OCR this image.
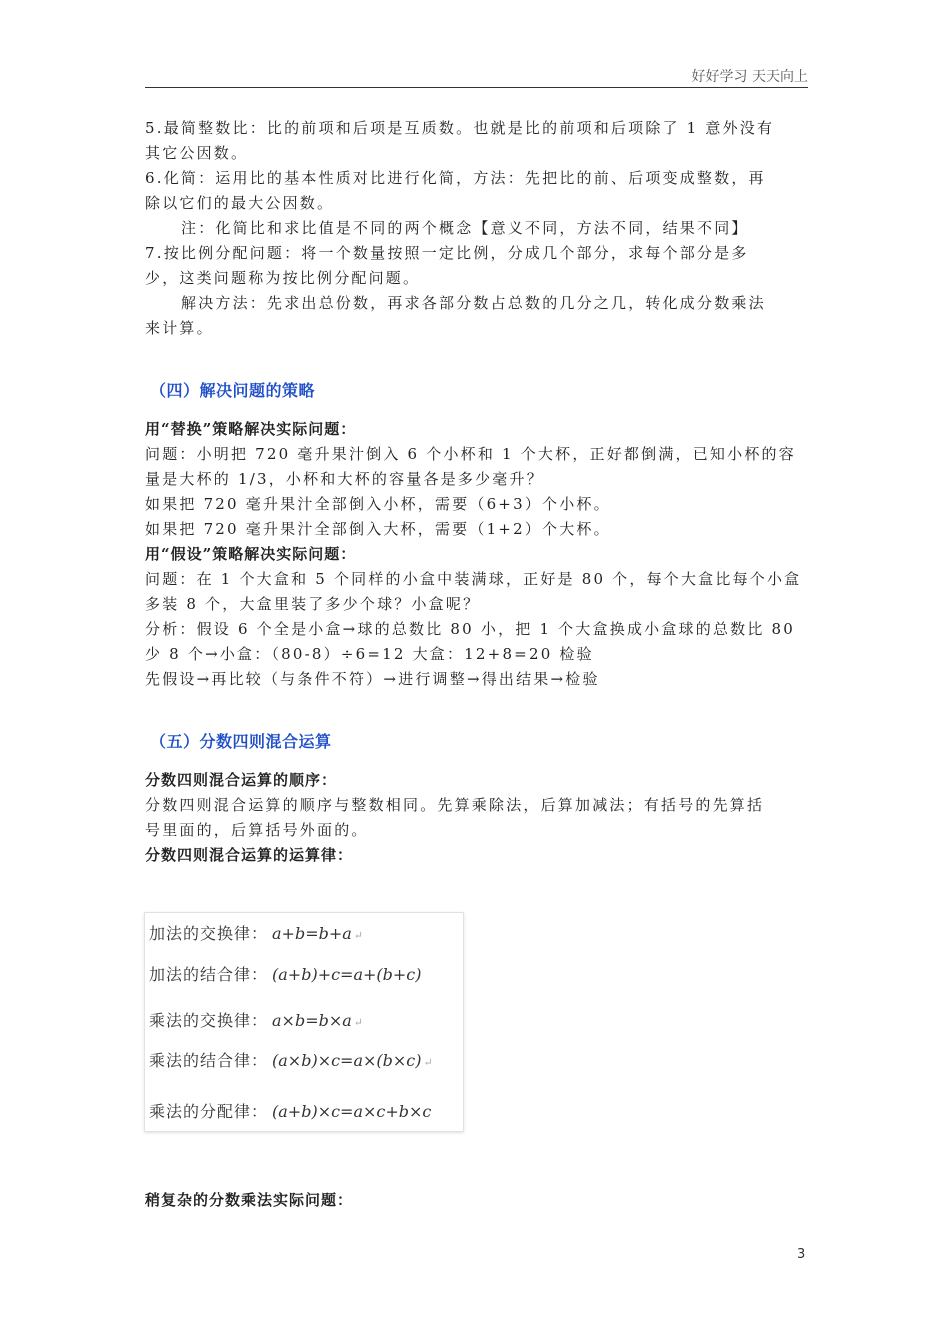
好好学习 天天向上
5.最简整数比：比的前项和后项是互质数。也就是比的前项和后项除了 1 意外没有
其它公因数。
6.化简：运用比的基本性质对比进行化简，方法：先把比的前、后项变成整数，再
除以它们的最大公因数。
注：化简比和求比值是不同的两个概念【意义不同，方法不同，结果不同】
7.按比例分配问题：将一个数量按照一定比例，分成几个部分，求每个部分是多
少，这类问题称为按比例分配问题。
解决方法：先求出总份数，再求各部分数占总数的几分之几，转化成分数乘法
来计算。
（四）解决问题的策略
用“替换”策略解决实际问题：
问题：小明把 720 毫升果汁倒入 6 个小杯和 1 个大杯，正好都倒满，已知小杯的容
量是大杯的 1/3，小杯和大杯的容量各是多少毫升？
如果把 720 毫升果汁全部倒入小杯，需要（6+3）个小杯。
如果把 720 毫升果汁全部倒入大杯，需要（1+2）个大杯。
用“假设”策略解决实际问题：
问题：在 1 个大盒和 5 个同样的小盒中装满球，正好是 80 个，每个大盒比每个小盒
多装 8 个，大盒里装了多少个球？小盒呢？
分析：假设 6 个全是小盒→球的总数比 80 小，把 1 个大盒换成小盒球的总数比 80
少 8 个→小盒：（80-8）÷6=12 大盒：12+8=20 检验
先假设→再比较（与条件不符）→进行调整→得出结果→检验
（五）分数四则混合运算
分数四则混合运算的顺序：
分数四则混合运算的顺序与整数相同。先算乘除法，后算加减法；有括号的先算括
号里面的，后算括号外面的。
分数四则混合运算的运算律：
加法的交换律： a+b=b+a ↵
加法的结合律： (a+b)+c=a+(b+c)
乘法的交换律： a×b=b×a ↵
乘法的结合律： (a×b)×c=a×(b×c) ↵
乘法的分配律： (a+b)×c=a×c+b×c
稍复杂的分数乘法实际问题：
3
